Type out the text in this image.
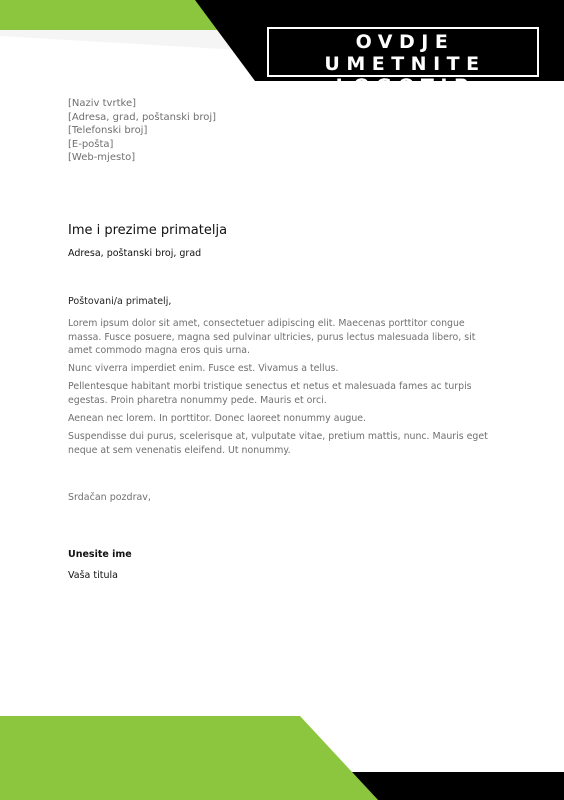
OVDJE UMETNITE
LOGOTIP
[Naziv tvrtke]
[Adresa, grad, poštanski broj]
[Telefonski broj]
[E-pošta]
[Web-mjesto]
Ime i prezime primatelja
Adresa, poštanski broj, grad
Poštovani/a primatelj,

Lorem ipsum dolor sit amet, consectetuer adipiscing elit. Maecenas porttitor congue massa. Fusce posuere, magna sed pulvinar ultricies, purus lectus malesuada libero, sit amet commodo magna eros quis urna.

Nunc viverra imperdiet enim. Fusce est. Vivamus a tellus.

Pellentesque habitant morbi tristique senectus et netus et malesuada fames ac turpis egestas. Proin pharetra nonummy pede. Mauris et orci.

Aenean nec lorem. In porttitor. Donec laoreet nonummy augue.

Suspendisse dui purus, scelerisque at, vulputate vitae, pretium mattis, nunc. Mauris eget neque at sem venenatis eleifend. Ut nonummy.

Srdačan pozdrav,
Unesite ime
Vaša titula
